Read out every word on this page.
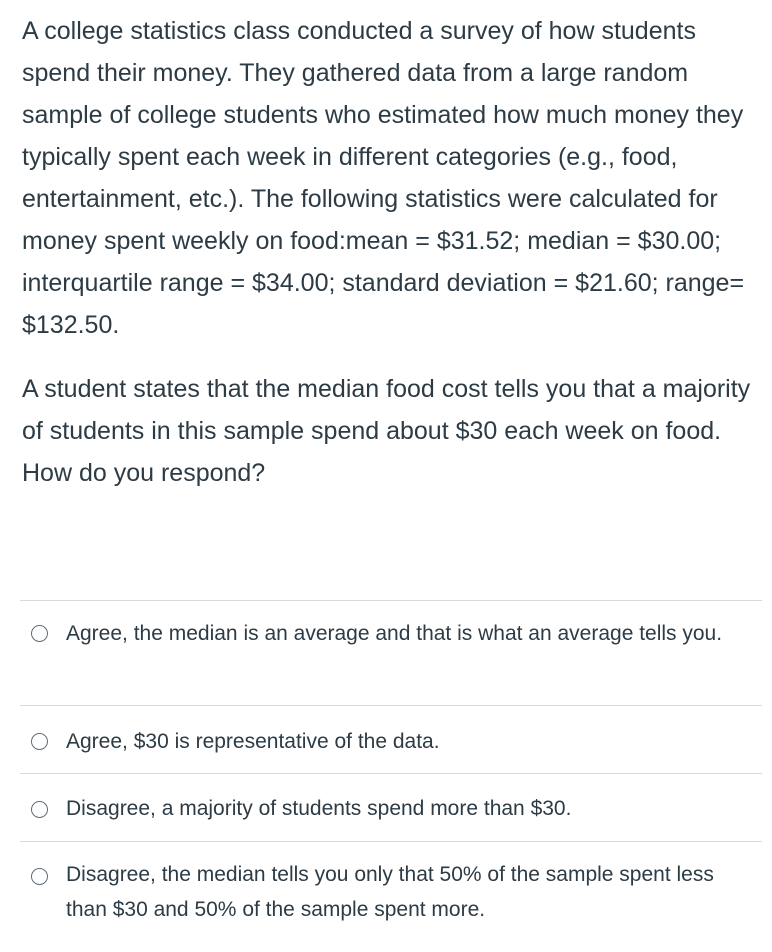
A college statistics class conducted a survey of how students spend their money. They gathered data from a large random sample of college students who estimated how much money they typically spent each week in different categories (e.g., food, entertainment, etc.). The following statistics were calculated for money spent weekly on food:mean = $31.52; median = $30.00; interquartile range = $34.00; standard deviation = $21.60; range= $132.50.

A student states that the median food cost tells you that a majority of students in this sample spend about $30 each week on food. How do you respond?

Agree, the median is an average and that is what an average tells you.
Agree, $30 is representative of the data.
Disagree, a majority of students spend more than $30.
Disagree, the median tells you only that 50% of the sample spent less than $30 and 50% of the sample spent more.
